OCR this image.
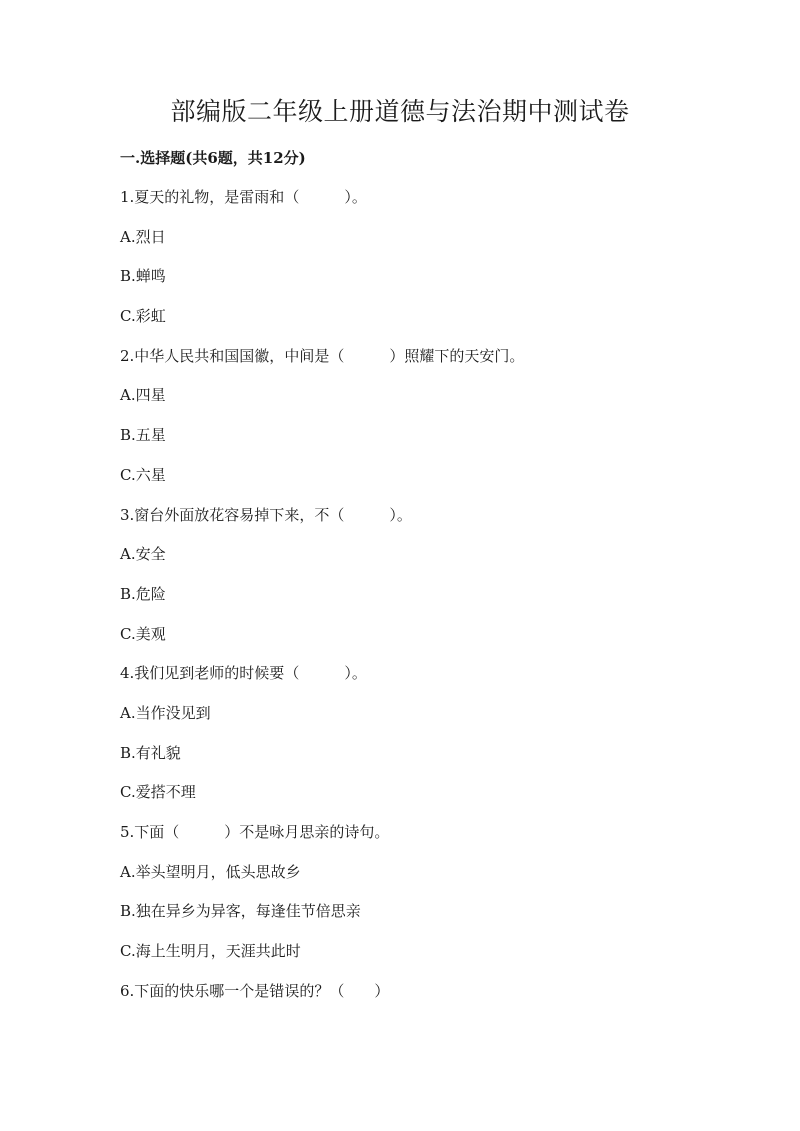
部编版二年级上册道德与法治期中测试卷
一.选择题(共6题，共12分)
1.夏天的礼物，是雷雨和（　　　）。
A.烈日
B.蝉鸣
C.彩虹
2.中华人民共和国国徽，中间是（　　　）照耀下的天安门。
A.四星
B.五星
C.六星
3.窗台外面放花容易掉下来，不（　　　）。
A.安全
B.危险
C.美观
4.我们见到老师的时候要（　　　）。
A.当作没见到
B.有礼貌
C.爱搭不理
5.下面（　　　）不是咏月思亲的诗句。
A.举头望明月，低头思故乡
B.独在异乡为异客，每逢佳节倍思亲
C.海上生明月，天涯共此时
6.下面的快乐哪一个是错误的？（　　）
